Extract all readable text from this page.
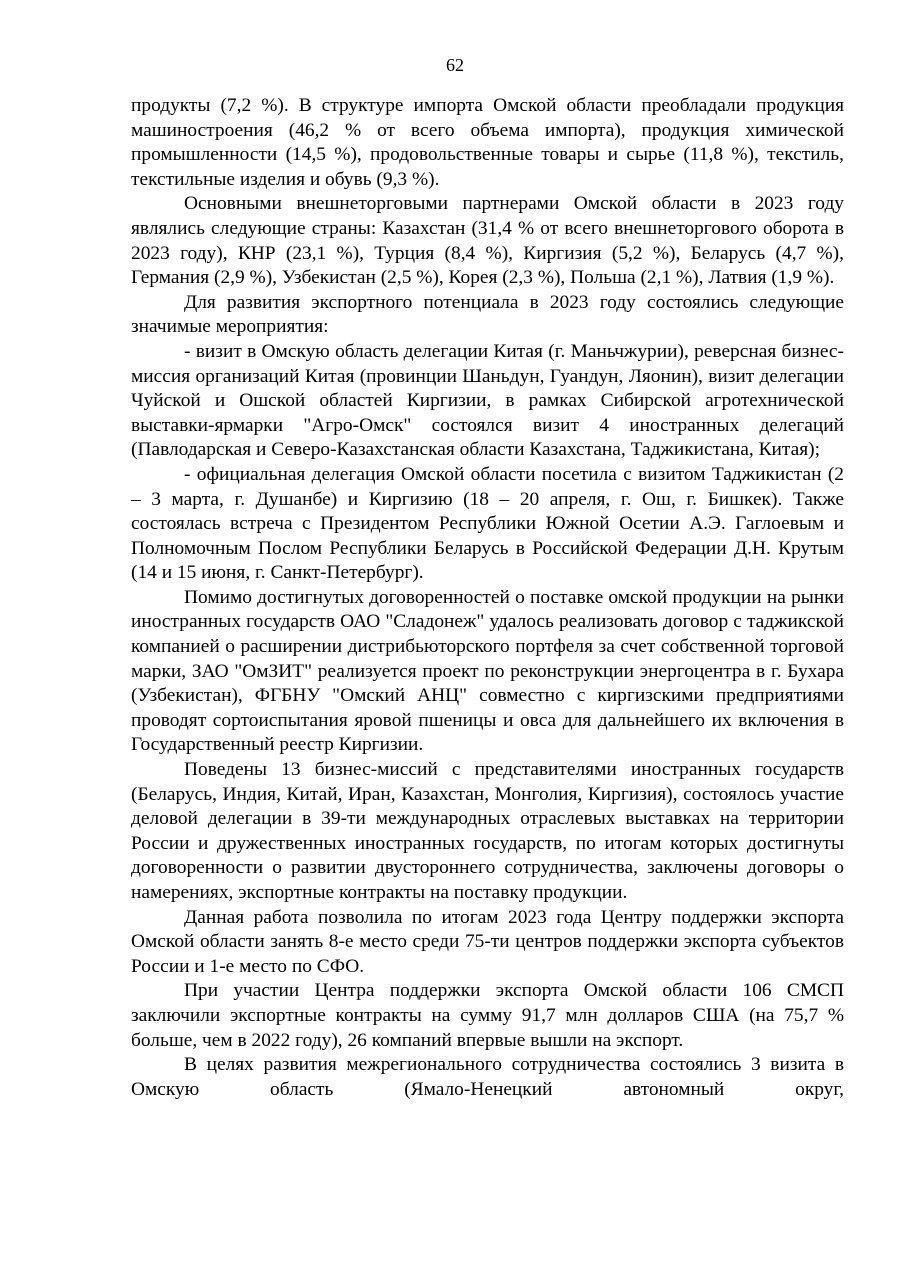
62

продукты (7,2 %). В структуре импорта Омской области преобладали продукция машиностроения (46,2 % от всего объема импорта), продукция химической промышленности (14,5 %), продовольственные товары и сырье (11,8 %), текстиль, текстильные изделия и обувь (9,3 %).

Основными внешнеторговыми партнерами Омской области в 2023 году являлись следующие страны: Казахстан (31,4 % от всего внешнеторгового оборота в 2023 году), КНР (23,1 %), Турция (8,4 %), Киргизия (5,2 %), Беларусь (4,7 %), Германия (2,9 %), Узбекистан (2,5 %), Корея (2,3 %), Польша (2,1 %), Латвия (1,9 %).

Для развития экспортного потенциала в 2023 году состоялись следующие значимые мероприятия:

- визит в Омскую область делегации Китая (г. Маньчжурии), реверсная бизнес-миссия организаций Китая (провинции Шаньдун, Гуандун, Ляонин), визит делегации Чуйской и Ошской областей Киргизии, в рамках Сибирской агротехнической выставки-ярмарки "Агро-Омск" состоялся визит 4 иностранных делегаций (Павлодарская и Северо-Казахстанская области Казахстана, Таджикистана, Китая);

- официальная делегация Омской области посетила с визитом Таджикистан (2 – 3 марта, г. Душанбе) и Киргизию (18 – 20 апреля, г. Ош, г. Бишкек). Также состоялась встреча с Президентом Республики Южной Осетии А.Э. Гаглоевым и Полномочным Послом Республики Беларусь в Российской Федерации Д.Н. Крутым (14 и 15 июня, г. Санкт-Петербург).

Помимо достигнутых договоренностей о поставке омской продукции на рынки иностранных государств ОАО "Сладонеж" удалось реализовать договор с таджикской компанией о расширении дистрибьюторского портфеля за счет собственной торговой марки, ЗАО "ОмЗИТ" реализуется проект по реконструкции энергоцентра в г. Бухара (Узбекистан), ФГБНУ "Омский АНЦ" совместно с киргизскими предприятиями проводят сортоиспытания яровой пшеницы и овса для дальнейшего их включения в Государственный реестр Киргизии.

Поведены 13 бизнес-миссий с представителями иностранных государств (Беларусь, Индия, Китай, Иран, Казахстан, Монголия, Киргизия), состоялось участие деловой делегации в 39-ти международных отраслевых выставках на территории России и дружественных иностранных государств, по итогам которых достигнуты договоренности о развитии двустороннего сотрудничества, заключены договоры о намерениях, экспортные контракты на поставку продукции.

Данная работа позволила по итогам 2023 года Центру поддержки экспорта Омской области занять 8-е место среди 75-ти центров поддержки экспорта субъектов России и 1-е место по СФО.

При участии Центра поддержки экспорта Омской области 106 СМСП заключили экспортные контракты на сумму 91,7 млн долларов США (на 75,7 % больше, чем в 2022 году), 26 компаний впервые вышли на экспорт.

В целях развития межрегионального сотрудничества состоялись 3 визита в Омскую область (Ямало-Ненецкий автономный округ,
